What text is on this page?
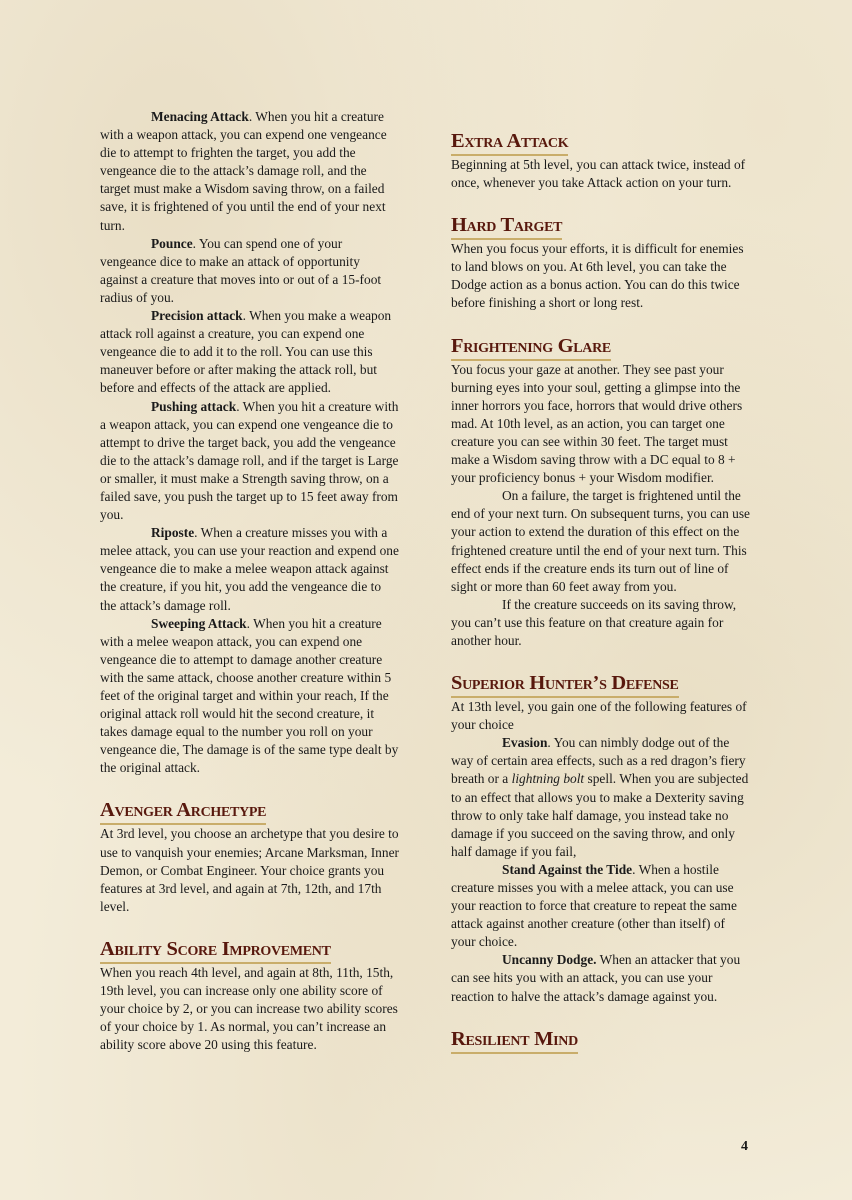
Menacing Attack. When you hit a creature with a weapon attack, you can expend one vengeance die to attempt to frighten the target, you add the vengeance die to the attack’s damage roll, and the target must make a Wisdom saving throw, on a failed save, it is frightened of you until the end of your next turn.

Pounce. You can spend one of your vengeance dice to make an attack of opportunity against a creature that moves into or out of a 15-foot radius of you.

Precision attack. When you make a weapon attack roll against a creature, you can expend one vengeance die to add it to the roll. You can use this maneuver before or after making the attack roll, but before and effects of the attack are applied.

Pushing attack. When you hit a creature with a weapon attack, you can expend one vengeance die to attempt to drive the target back, you add the vengeance die to the attack’s damage roll, and if the target is Large or smaller, it must make a Strength saving throw, on a failed save, you push the target up to 15 feet away from you.

Riposte. When a creature misses you with a melee attack, you can use your reaction and expend one vengeance die to make a melee weapon attack against the creature, if you hit, you add the vengeance die to the attack’s damage roll.

Sweeping Attack. When you hit a creature with a melee weapon attack, you can expend one vengeance die to attempt to damage another creature with the same attack, choose another creature within 5 feet of the original target and within your reach, If the original attack roll would hit the second creature, it takes damage equal to the number you roll on your vengeance die, The damage is of the same type dealt by the original attack.

Avenger Archetype

At 3rd level, you choose an archetype that you desire to use to vanquish your enemies; Arcane Marksman, Inner Demon, or Combat Engineer. Your choice grants you features at 3rd level, and again at 7th, 12th, and 17th level.

Ability Score Improvement

When you reach 4th level, and again at 8th, 11th, 15th, 19th level, you can increase only one ability score of your choice by 2, or you can increase two ability scores of your choice by 1. As normal, you can’t increase an ability score above 20 using this feature.

Extra Attack

Beginning at 5th level, you can attack twice, instead of once, whenever you take Attack action on your turn.

Hard Target

When you focus your efforts, it is difficult for enemies to land blows on you. At 6th level, you can take the Dodge action as a bonus action. You can do this twice before finishing a short or long rest.

Frightening Glare

You focus your gaze at another. They see past your burning eyes into your soul, getting a glimpse into the inner horrors you face, horrors that would drive others mad. At 10th level, as an action, you can target one creature you can see within 30 feet. The target must make a Wisdom saving throw with a DC equal to 8 + your proficiency bonus + your Wisdom modifier.

On a failure, the target is frightened until the end of your next turn. On subsequent turns, you can use your action to extend the duration of this effect on the frightened creature until the end of your next turn. This effect ends if the creature ends its turn out of line of sight or more than 60 feet away from you.

If the creature succeeds on its saving throw, you can’t use this feature on that creature again for another hour.

Superior Hunter’s Defense

At 13th level, you gain one of the following features of your choice

Evasion. You can nimbly dodge out of the way of certain area effects, such as a red dragon’s fiery breath or a lightning bolt spell. When you are subjected to an effect that allows you to make a Dexterity saving throw to only take half damage, you instead take no damage if you succeed on the saving throw, and only half damage if you fail,

Stand Against the Tide. When a hostile creature misses you with a melee attack, you can use your reaction to force that creature to repeat the same attack against another creature (other than itself) of your choice.

Uncanny Dodge. When an attacker that you can see hits you with an attack, you can use your reaction to halve the attack’s damage against you.

Resilient Mind
4
